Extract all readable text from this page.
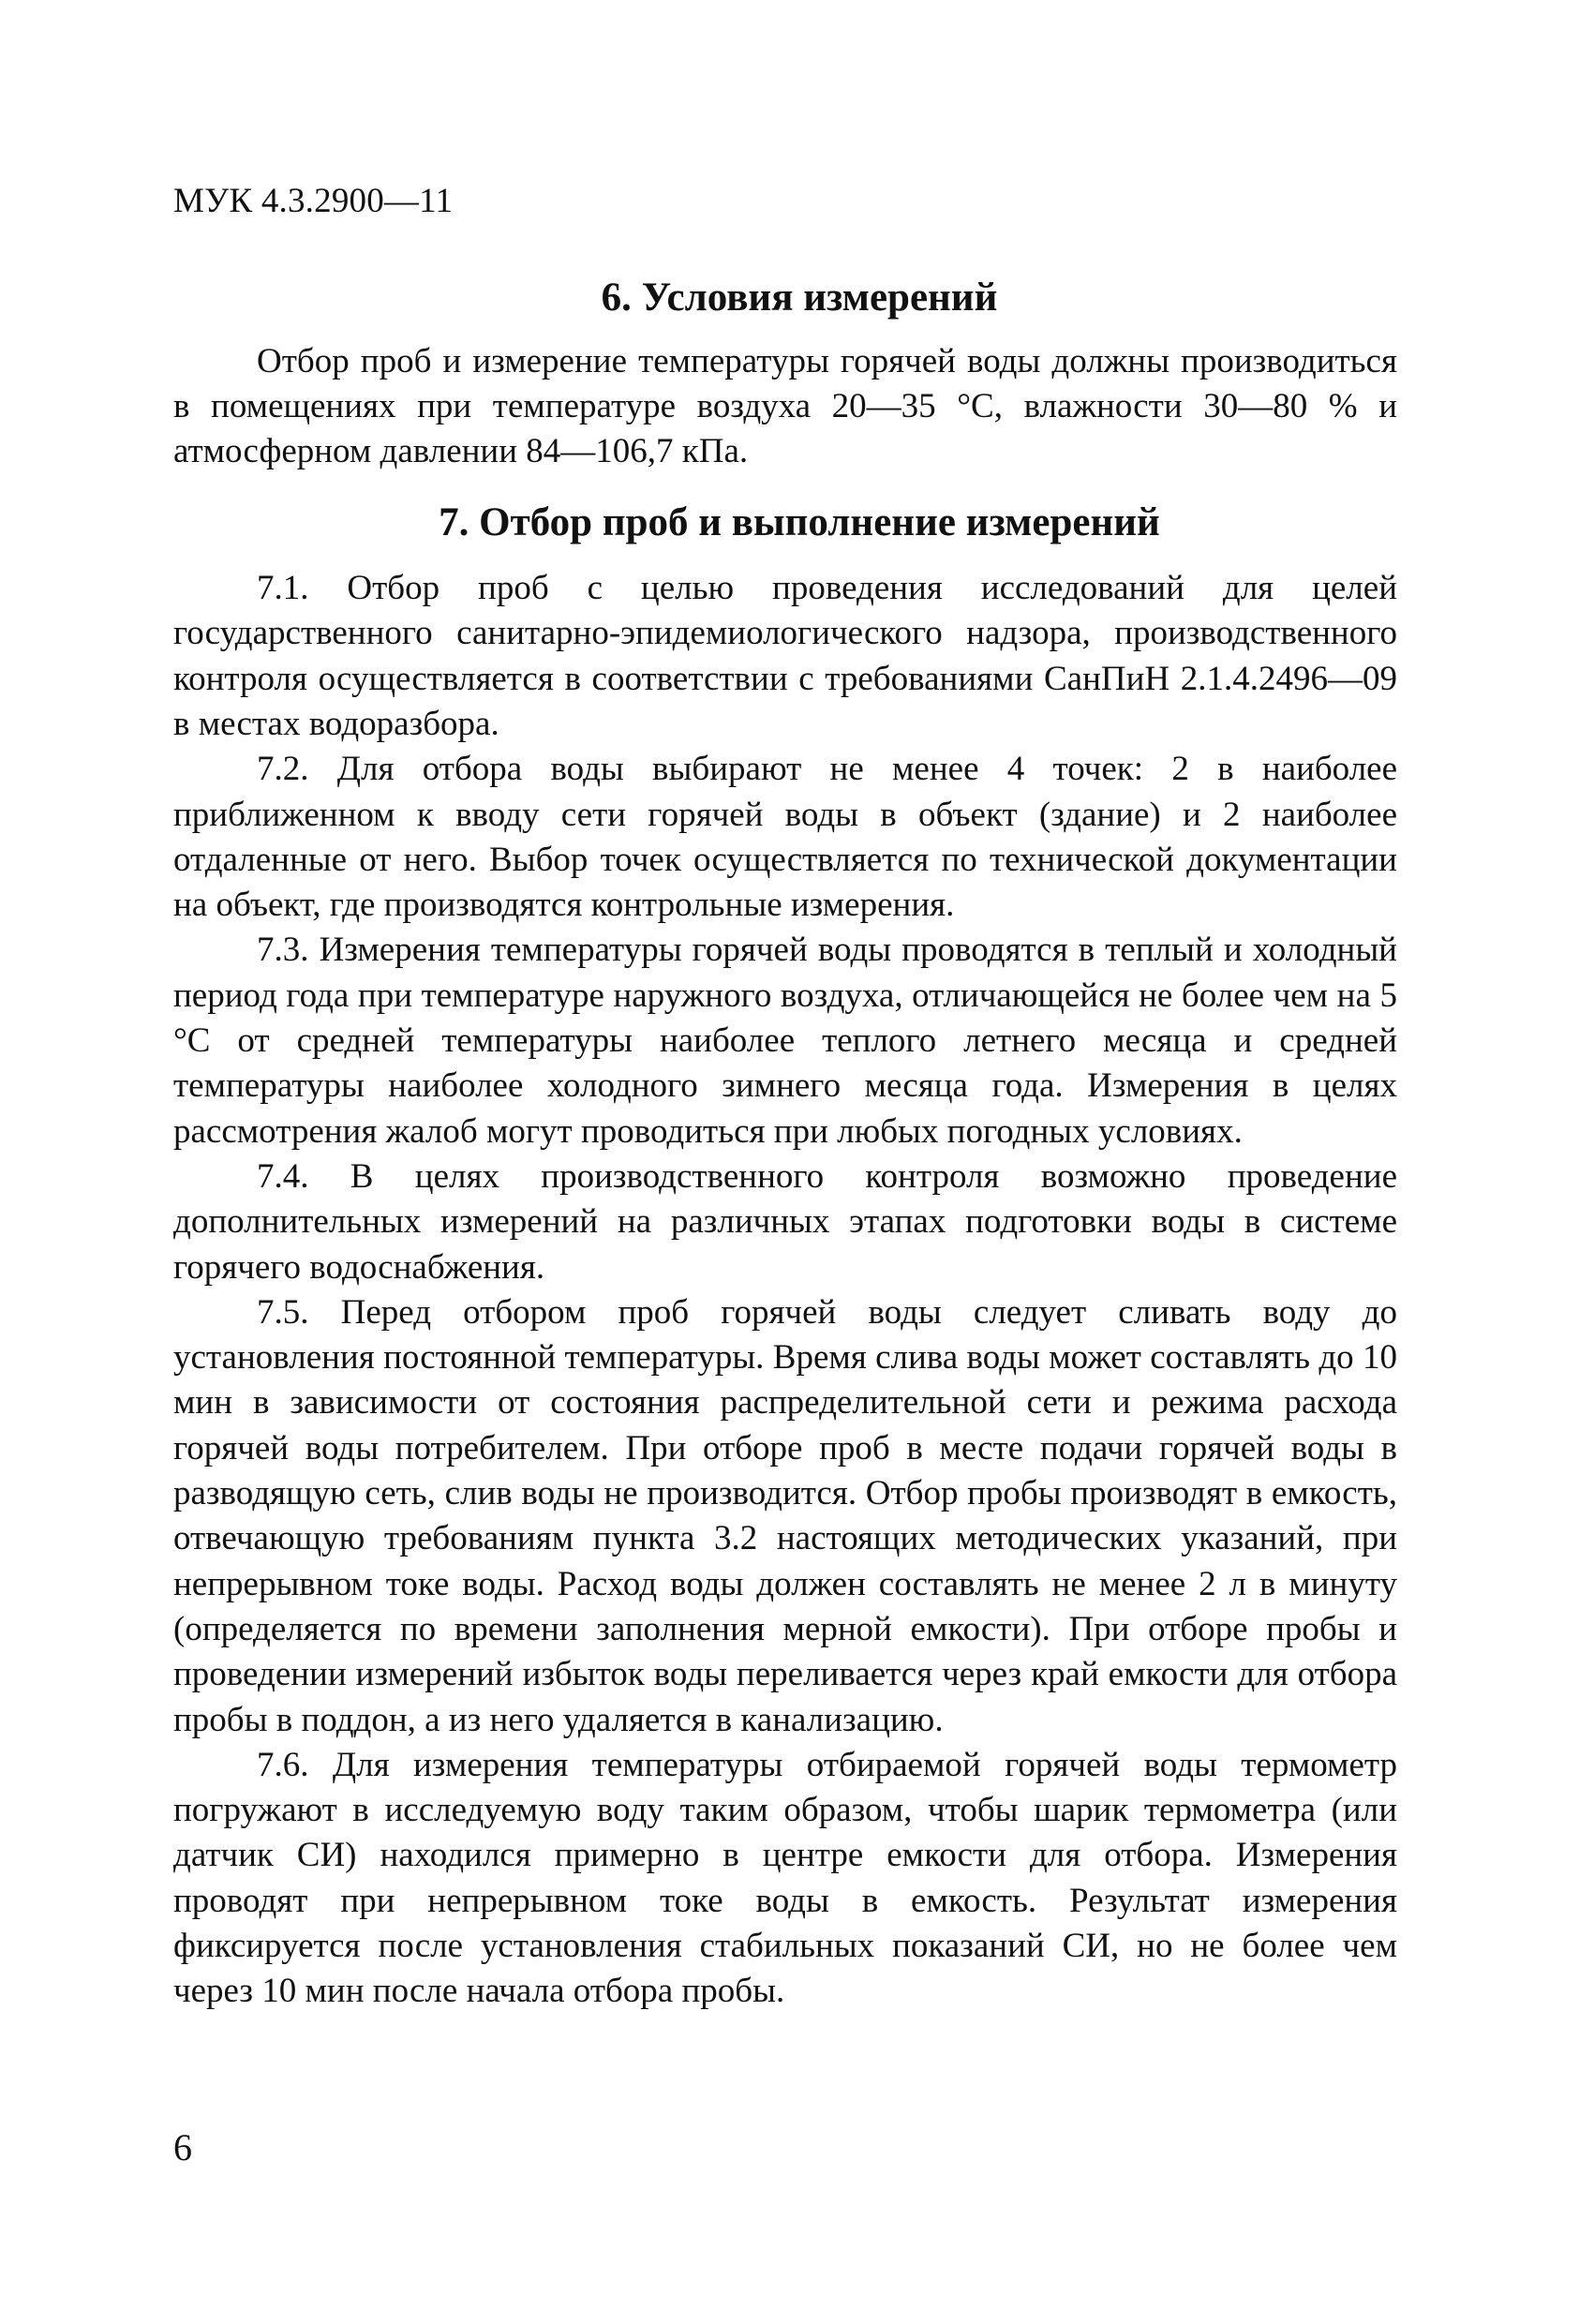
МУК 4.3.2900—11
6. Условия измерений

Отбор проб и измерение температуры горячей воды должны производиться в помещениях при температуре воздуха 20—35 °С, влажности 30—80 % и атмосферном давлении 84—106,7 кПа.

7. Отбор проб и выполнение измерений

7.1. Отбор проб с целью проведения исследований для целей государственного санитарно-эпидемиологического надзора, производственного контроля осуществляется в соответствии с требованиями СанПиН 2.1.4.2496—09 в местах водоразбора.

7.2. Для отбора воды выбирают не менее 4 точек: 2 в наиболее приближенном к вводу сети горячей воды в объект (здание) и 2 наиболее отдаленные от него. Выбор точек осуществляется по технической документации на объект, где производятся контрольные измерения.

7.3. Измерения температуры горячей воды проводятся в теплый и холодный период года при температуре наружного воздуха, отличающейся не более чем на 5 °С от средней температуры наиболее теплого летнего месяца и средней температуры наиболее холодного зимнего месяца года. Измерения в целях рассмотрения жалоб могут проводиться при любых погодных условиях.

7.4. В целях производственного контроля возможно проведение дополнительных измерений на различных этапах подготовки воды в системе горячего водоснабжения.

7.5. Перед отбором проб горячей воды следует сливать воду до установления постоянной температуры. Время слива воды может составлять до 10 мин в зависимости от состояния распределительной сети и режима расхода горячей воды потребителем. При отборе проб в месте подачи горячей воды в разводящую сеть, слив воды не производится. Отбор пробы производят в емкость, отвечающую требованиям пункта 3.2 настоящих методических указаний, при непрерывном токе воды. Расход воды должен составлять не менее 2 л в минуту (определяется по времени заполнения мерной емкости). При отборе пробы и проведении измерений избыток воды переливается через край емкости для отбора пробы в поддон, а из него удаляется в канализацию.

7.6. Для измерения температуры отбираемой горячей воды термометр погружают в исследуемую воду таким образом, чтобы шарик термометра (или датчик СИ) находился примерно в центре емкости для отбора. Измерения проводят при непрерывном токе воды в емкость. Результат измерения фиксируется после установления стабильных показаний СИ, но не более чем через 10 мин после начала отбора пробы.

6
